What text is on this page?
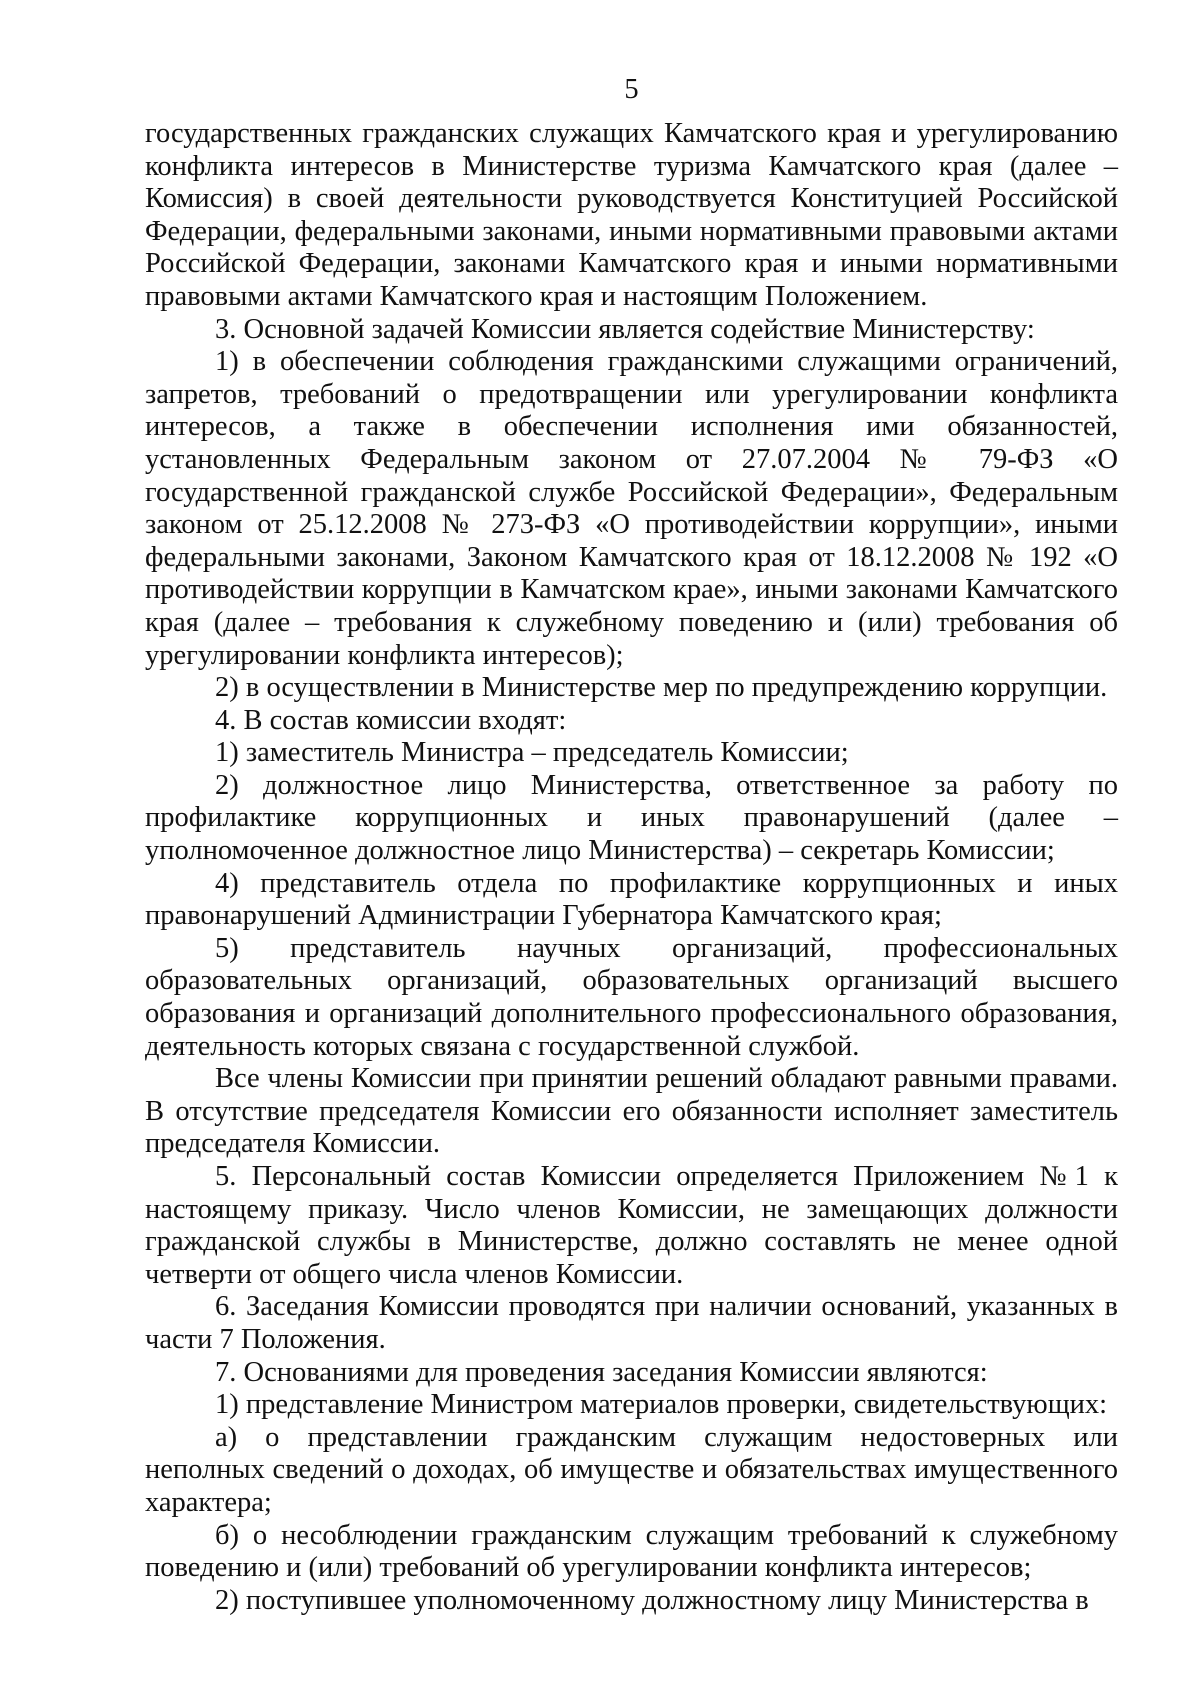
5

государственных гражданских служащих Камчатского края и урегулированию конфликта интересов в Министерстве туризма Камчатского края (далее – Комиссия) в своей деятельности руководствуется Конституцией Российской Федерации, федеральными законами, иными нормативными правовыми актами Российской Федерации, законами Камчатского края и иными нормативными правовыми актами Камчатского края и настоящим Положением.

3. Основной задачей Комиссии является содействие Министерству:

1) в обеспечении соблюдения гражданскими служащими ограничений, запретов, требований о предотвращении или урегулировании конфликта интересов, а также в обеспечении исполнения ими обязанностей, установленных Федеральным законом от 27.07.2004 № 79-ФЗ «О государственной гражданской службе Российской Федерации», Федеральным законом от 25.12.2008 № 273-ФЗ «О противодействии коррупции», иными федеральными законами, Законом Камчатского края от 18.12.2008 № 192 «О противодействии коррупции в Камчатском крае», иными законами Камчатского края (далее – требования к служебному поведению и (или) требования об урегулировании конфликта интересов);

2) в осуществлении в Министерстве мер по предупреждению коррупции.

4. В состав комиссии входят:

1) заместитель Министра – председатель Комиссии;

2) должностное лицо Министерства, ответственное за работу по профилактике коррупционных и иных правонарушений (далее – уполномоченное должностное лицо Министерства) – секретарь Комиссии;

4) представитель отдела по профилактике коррупционных и иных правонарушений Администрации Губернатора Камчатского края;

5) представитель научных организаций, профессиональных образовательных организаций, образовательных организаций высшего образования и организаций дополнительного профессионального образования, деятельность которых связана с государственной службой.

Все члены Комиссии при принятии решений обладают равными правами. В отсутствие председателя Комиссии его обязанности исполняет заместитель председателя Комиссии.

5. Персональный состав Комиссии определяется Приложением №1 к настоящему приказу. Число членов Комиссии, не замещающих должности гражданской службы в Министерстве, должно составлять не менее одной четверти от общего числа членов Комиссии.

6. Заседания Комиссии проводятся при наличии оснований, указанных в части 7 Положения.

7. Основаниями для проведения заседания Комиссии являются:

1) представление Министром материалов проверки, свидетельствующих:

а) о представлении гражданским служащим недостоверных или неполных сведений о доходах, об имуществе и обязательствах имущественного характера;

б) о несоблюдении гражданским служащим требований к служебному поведению и (или) требований об урегулировании конфликта интересов;

2) поступившее уполномоченному должностному лицу Министерства в
